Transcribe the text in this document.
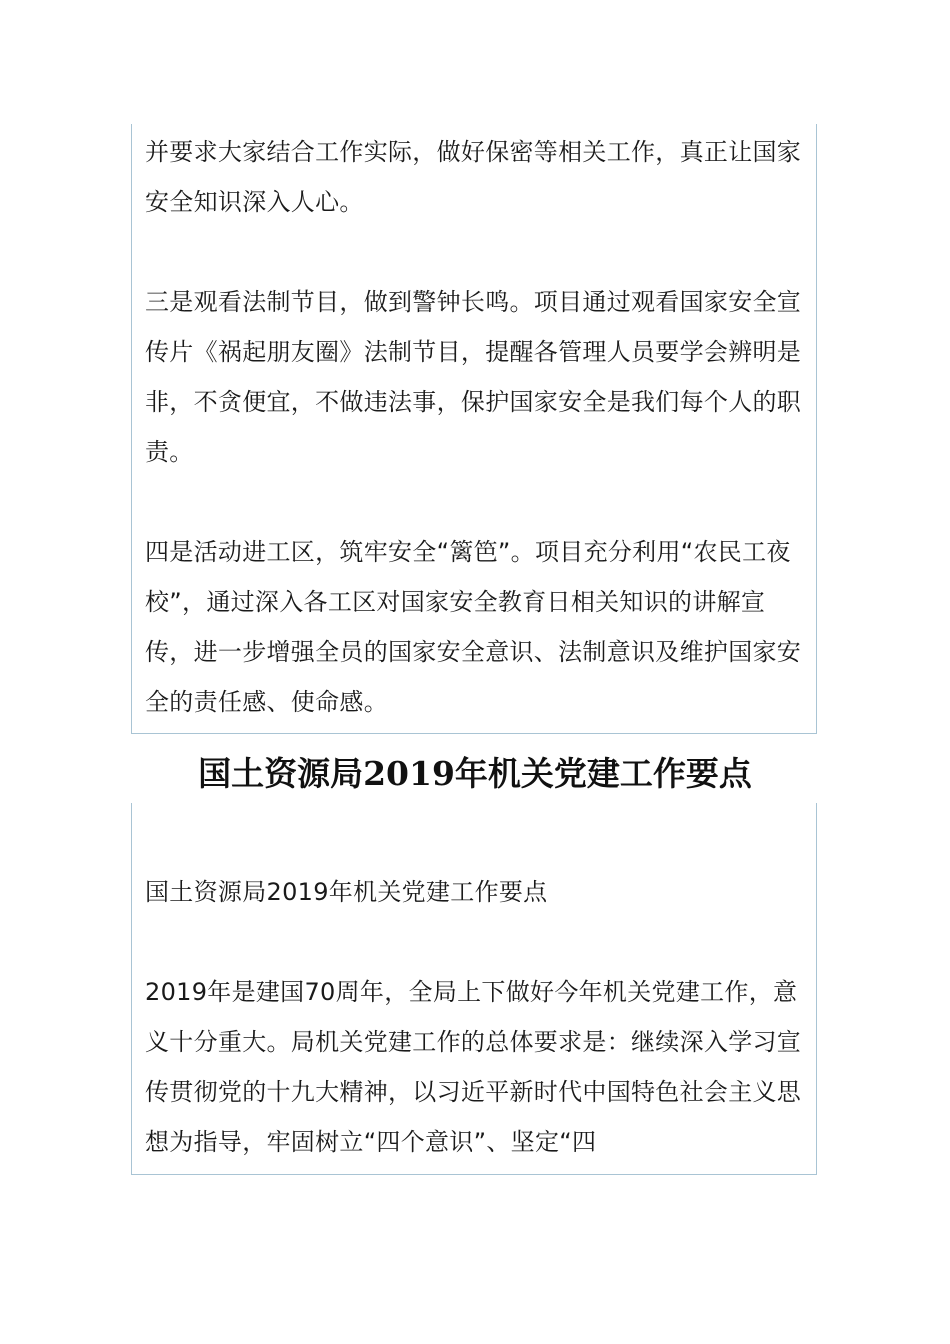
并要求大家结合工作实际，做好保密等相关工作，真正让国家安全知识深入人心。

三是观看法制节目，做到警钟长鸣。项目通过观看国家安全宣传片《祸起朋友圈》法制节目，提醒各管理人员要学会辨明是非，不贪便宜，不做违法事，保护国家安全是我们每个人的职责。

四是活动进工区，筑牢安全“篱笆”。项目充分利用“农民工夜校”，通过深入各工区对国家安全教育日相关知识的讲解宣传，进一步增强全员的国家安全意识、法制意识及维护国家安全的责任感、使命感。

国土资源局2019年机关党建工作要点

国土资源局2019年机关党建工作要点

2019年是建国70周年，全局上下做好今年机关党建工作，意义十分重大。局机关党建工作的总体要求是：继续深入学习宣传贯彻党的十九大精神，以习近平新时代中国特色社会主义思想为指导，牢固树立“四个意识”、坚定“四
